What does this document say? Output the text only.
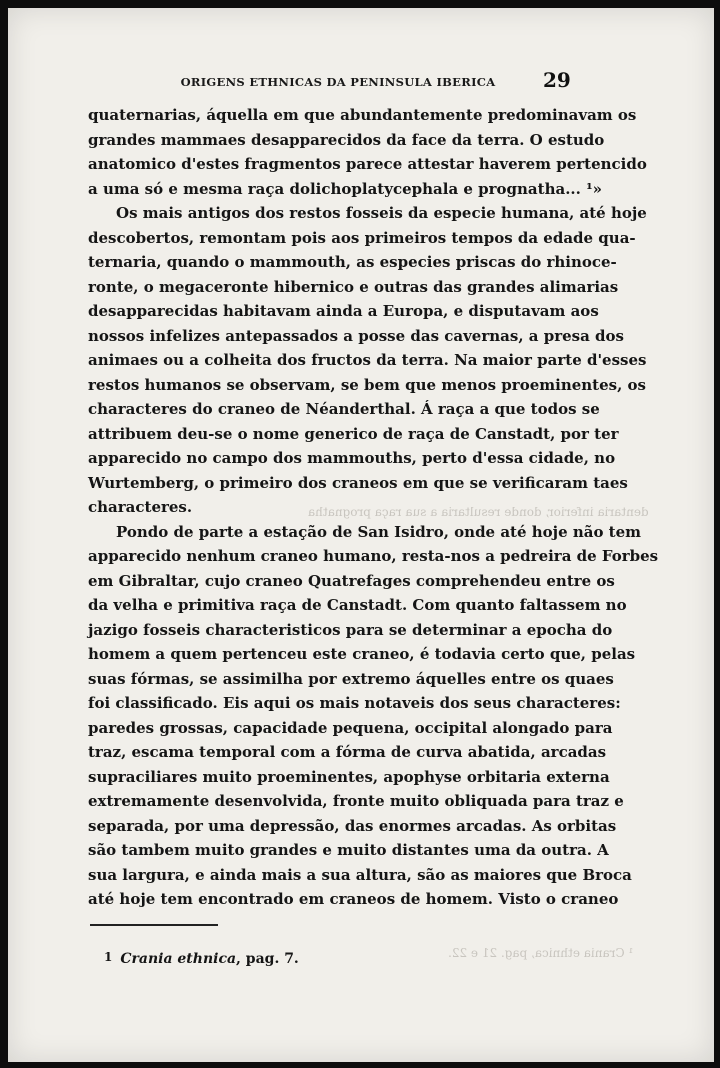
ORIGENS ETHNICAS DA PENINSULA IBERICA 29
dentaria inferior, donde resultaria a sua raça prognatha
¹ Crania ethnica, pag. 21 e 22.
quaternarias, áquella em que abundantemente predominavam os
grandes mammaes desapparecidos da face da terra. O estudo
anatomico d'estes fragmentos parece attestar haverem pertencido
a uma só e mesma raça dolichoplatycephala e prognatha... ¹»
Os mais antigos dos restos fosseis da especie humana, até hoje
descobertos, remontam pois aos primeiros tempos da edade qua-
ternaria, quando o mammouth, as especies priscas do rhinoce-
ronte, o megaceronte hibernico e outras das grandes alimarias
desapparecidas habitavam ainda a Europa, e disputavam aos
nossos infelizes antepassados a posse das cavernas, a presa dos
animaes ou a colheita dos fructos da terra. Na maior parte d'esses
restos humanos se observam, se bem que menos proeminentes, os
characteres do craneo de Néanderthal. Á raça a que todos se
attribuem deu-se o nome generico de raça de Canstadt, por ter
apparecido no campo dos mammouths, perto d'essa cidade, no
Wurtemberg, o primeiro dos craneos em que se verificaram taes
characteres.
Pondo de parte a estação de San Isidro, onde até hoje não tem
apparecido nenhum craneo humano, resta-nos a pedreira de Forbes
em Gibraltar, cujo craneo Quatrefages comprehendeu entre os
da velha e primitiva raça de Canstadt. Com quanto faltassem no
jazigo fosseis characteristicos para se determinar a epocha do
homem a quem pertenceu este craneo, é todavia certo que, pelas
suas fórmas, se assimilha por extremo áquelles entre os quaes
foi classificado. Eis aqui os mais notaveis dos seus characteres:
paredes grossas, capacidade pequena, occipital alongado para
traz, escama temporal com a fórma de curva abatida, arcadas
supraciliares muito proeminentes, apophyse orbitaria externa
extremamente desenvolvida, fronte muito obliquada para traz e
separada, por uma depressão, das enormes arcadas. As orbitas
são tambem muito grandes e muito distantes uma da outra. A
sua largura, e ainda mais a sua altura, são as maiores que Broca
até hoje tem encontrado em craneos de homem. Visto o craneo
1 Crania ethnica, pag. 7.
